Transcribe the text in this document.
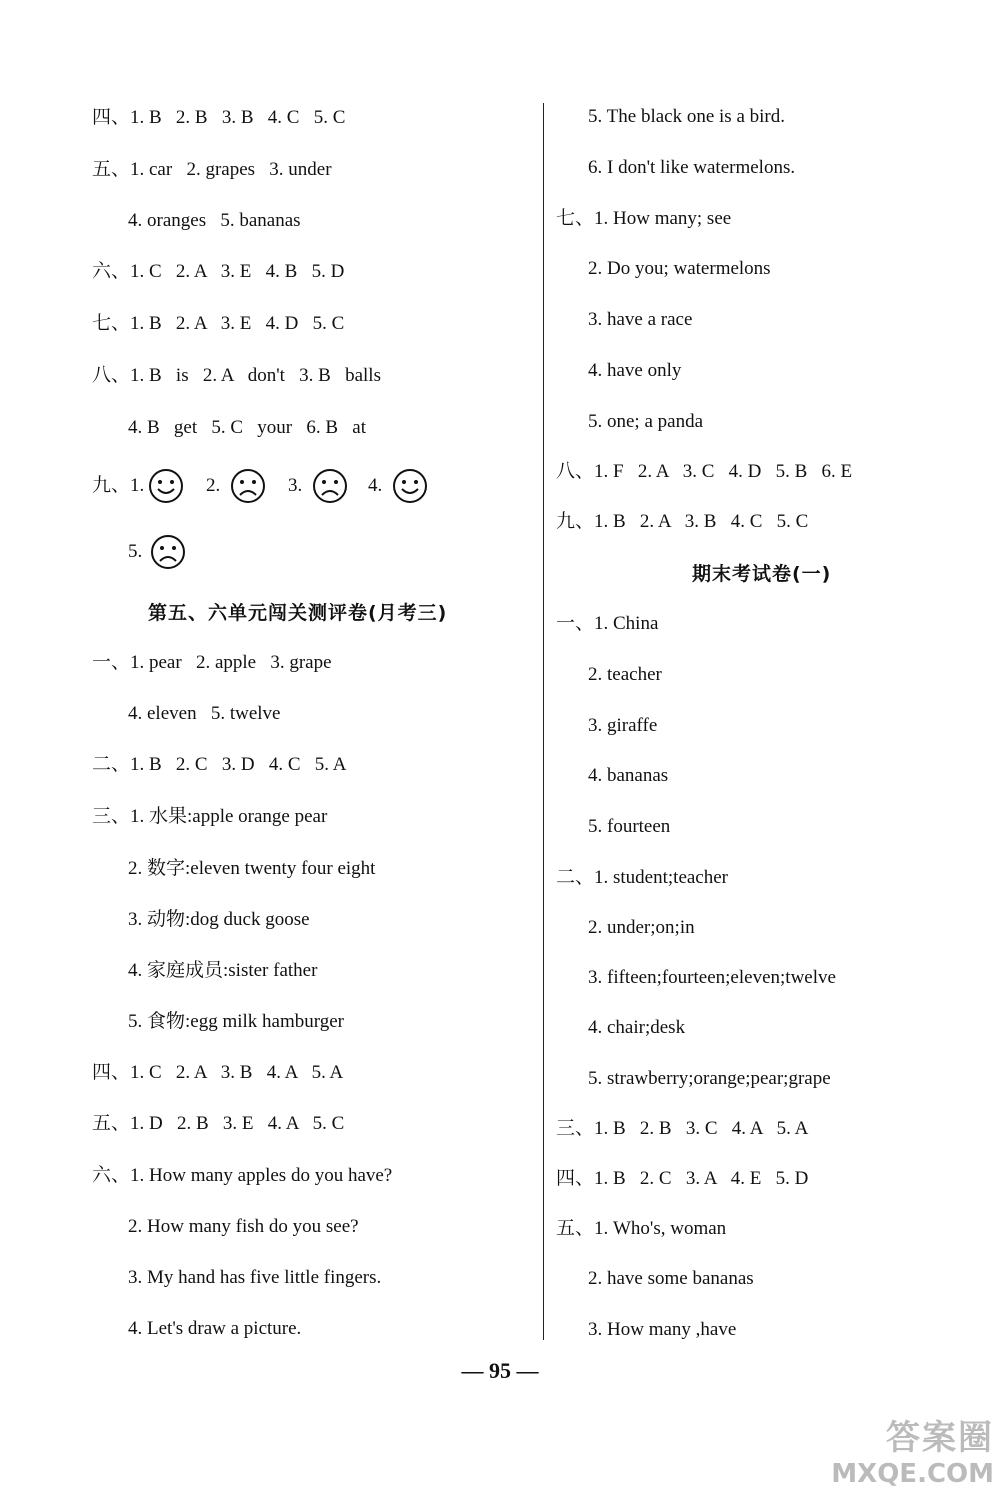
四、1. B   2. B   3. B   4. C   5. C
五、1. car   2. grapes   3. under
4. oranges   5. bananas
六、1. C   2. A   3. E   4. B   5. D
七、1. B   2. A   3. E   4. D   5. C
八、1. B   is   2. A   don't   3. B   balls
4. B   get   5. C   your   6. B   at
九、1.	2.	3.	4.
5.
第五、六单元闯关测评卷(月考三)
一、1. pear   2. apple   3. grape
4. eleven   5. twelve
二、1. B   2. C   3. D   4. C   5. A
三、1. 水果:apple orange pear
2. 数字:eleven twenty four eight
3. 动物:dog duck goose
4. 家庭成员:sister father
5. 食物:egg milk hamburger
四、1. C   2. A   3. B   4. A   5. A
五、1. D   2. B   3. E   4. A   5. C
六、1. How many apples do you have?
2. How many fish do you see?
3. My hand has five little fingers.
4. Let's draw a picture.
5. The black one is a bird.
6. I don't like watermelons.
七、1. How many; see
2. Do you; watermelons
3. have a race
4. have only
5. one; a panda
八、1. F   2. A   3. C   4. D   5. B   6. E
九、1. B   2. A   3. B   4. C   5. C
期末考试卷(一)
一、1. China
2. teacher
3. giraffe
4. bananas
5. fourteen
二、1. student;teacher
2. under;on;in
3. fifteen;fourteen;eleven;twelve
4. chair;desk
5. strawberry;orange;pear;grape
三、1. B   2. B   3. C   4. A   5. A
四、1. B   2. C   3. A   4. E   5. D
五、1. Who's, woman
2. have some bananas
3. How many ,have
— 95 —
答案圈
MXQE.COM
